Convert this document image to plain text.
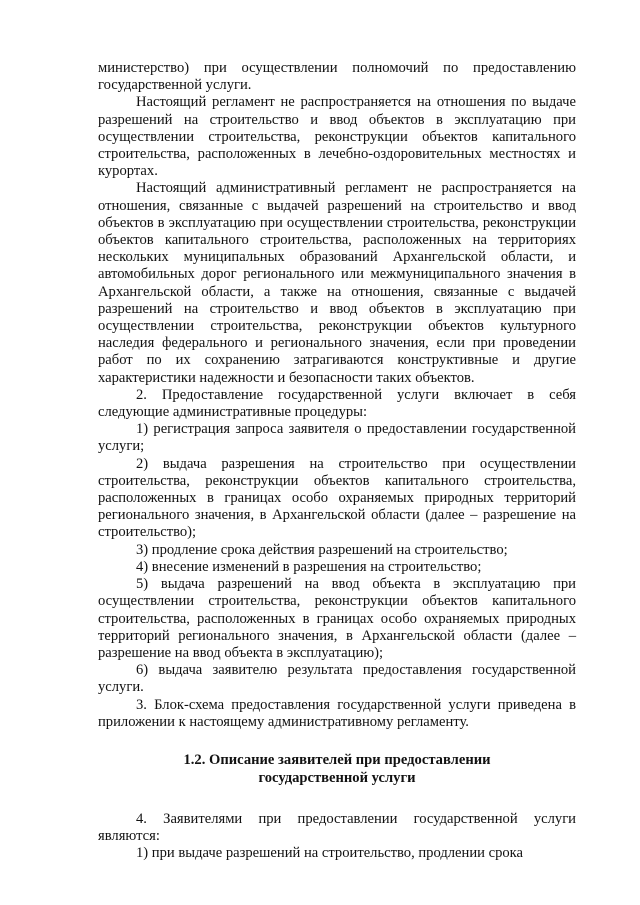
министерство) при осуществлении полномочий по предоставлению государственной услуги.

Настоящий регламент не распространяется на отношения по выдаче разрешений на строительство и ввод объектов в эксплуатацию при осуществлении строительства, реконструкции объектов капитального строительства, расположенных в лечебно-оздоровительных местностях и курортах.

Настоящий административный регламент не распространяется на отношения, связанные с выдачей разрешений на строительство и ввод объектов в эксплуатацию при осуществлении строительства, реконструкции объектов капитального строительства, расположенных на территориях нескольких муниципальных образований Архангельской области, и автомобильных дорог регионального или межмуниципального значения в Архангельской области, а также на отношения, связанные с выдачей разрешений на строительство и ввод объектов в эксплуатацию при осуществлении строительства, реконструкции объектов культурного наследия федерального и регионального значения, если при проведении работ по их сохранению затрагиваются конструктивные и другие характеристики надежности и безопасности таких объектов.

2. Предоставление государственной услуги включает в себя следующие административные процедуры:

1) регистрация запроса заявителя о предоставлении государственной услуги;

2) выдача разрешения на строительство при осуществлении строительства, реконструкции объектов капитального строительства, расположенных в границах особо охраняемых природных территорий регионального значения, в Архангельской области (далее – разрешение на строительство);

3) продление срока действия разрешений на строительство;

4) внесение изменений в разрешения на строительство;

5) выдача разрешений на ввод объекта в эксплуатацию при осуществлении строительства, реконструкции объектов капитального строительства, расположенных в границах особо охраняемых природных территорий регионального значения, в Архангельской области (далее – разрешение на ввод объекта в эксплуатацию);

6) выдача заявителю результата предоставления государственной услуги.

3. Блок-схема предоставления государственной услуги приведена в приложении к настоящему административному регламенту.

1.2. Описание заявителей при предоставлении
государственной услуги

4. Заявителями при предоставлении государственной услуги являются:

1) при выдаче разрешений на строительство, продлении срока
